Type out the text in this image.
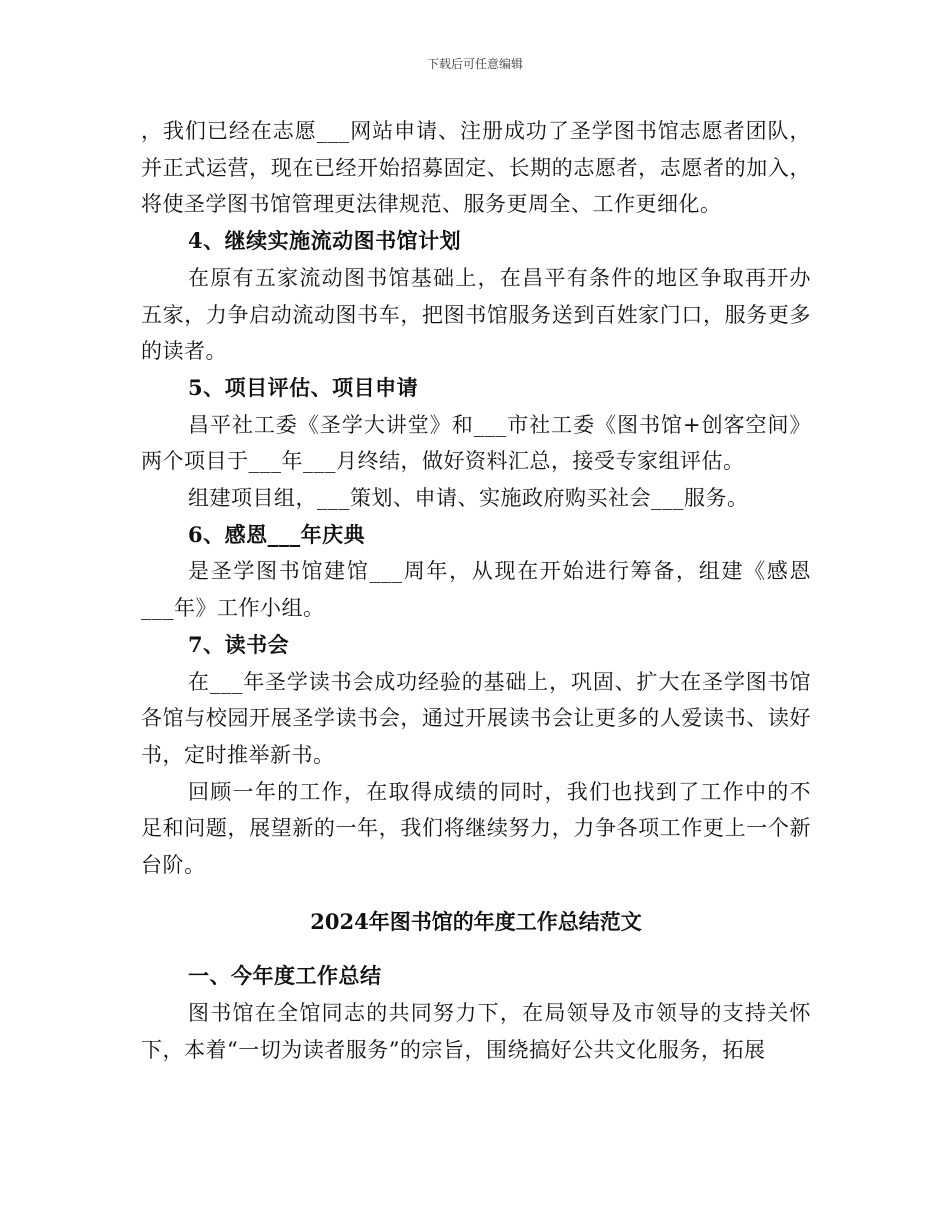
下载后可任意编辑

，我们已经在志愿___网站申请、注册成功了圣学图书馆志愿者团队，并正式运营，现在已经开始招募固定、长期的志愿者，志愿者的加入，将使圣学图书馆管理更法律规范、服务更周全、工作更细化。

4、继续实施流动图书馆计划

在原有五家流动图书馆基础上，在昌平有条件的地区争取再开办五家，力争启动流动图书车，把图书馆服务送到百姓家门口，服务更多的读者。

5、项目评估、项目申请

昌平社工委《圣学大讲堂》和___市社工委《图书馆+创客空间》两个项目于___年___月终结，做好资料汇总，接受专家组评估。

组建项目组，___策划、申请、实施政府购买社会___服务。

6、感恩___年庆典

是圣学图书馆建馆___周年，从现在开始进行筹备，组建《感恩___年》工作小组。

7、读书会

在___年圣学读书会成功经验的基础上，巩固、扩大在圣学图书馆各馆与校园开展圣学读书会，通过开展读书会让更多的人爱读书、读好书，定时推举新书。

回顾一年的工作，在取得成绩的同时，我们也找到了工作中的不足和问题，展望新的一年，我们将继续努力，力争各项工作更上一个新台阶。

2024年图书馆的年度工作总结范文

一、今年度工作总结

图书馆在全馆同志的共同努力下，在局领导及市领导的支持关怀下，本着“一切为读者服务”的宗旨，围绕搞好公共文化服务，拓展
